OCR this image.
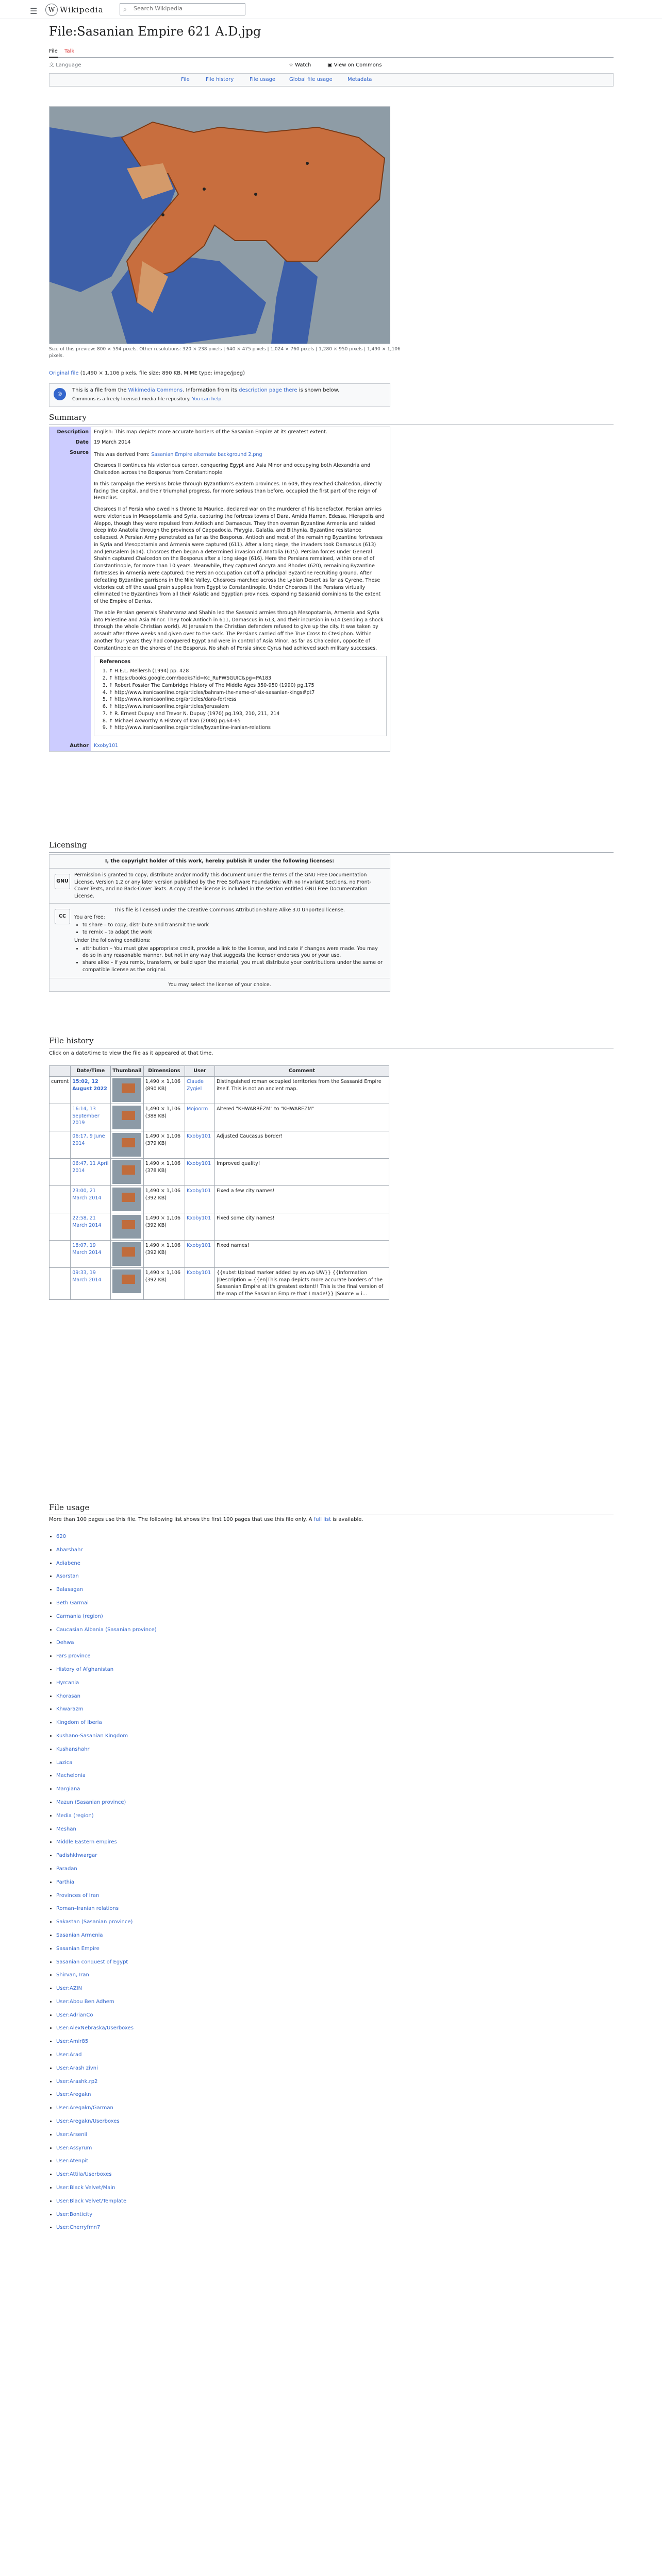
☰	W Wikipedia	⌕
Search Wikipedia
File:Sasanian Empire 621 A.D.jpg
File Talk
文 Language	☆ Watch	▣ View on Commons
File	File history	File usage	Global file usage	Metadata
Size of this preview: 800 × 594 pixels. Other resolutions: 320 × 238 pixels | 640 × 475 pixels | 1,024 × 760 pixels | 1,280 × 950 pixels | 1,490 × 1,106 pixels.
Original file (1,490 × 1,106 pixels, file size: 890 KB, MIME type: image/jpeg)
◎
This is a file from the Wikimedia Commons. Information from its description page there is shown below.
Commons is a freely licensed media file repository. You can help.
Summary
Description	English: This map depicts more accurate borders of the Sasanian Empire at its greatest extent.
Date	19 March 2014
Source	This was derived from: Sasanian Empire alternate background 2.png

Chosroes II continues his victorious career, conquering Egypt and Asia Minor and occupying both Alexandria and Chalcedon across the Bosporus from Constantinople.

In this campaign the Persians broke through Byzantium's eastern provinces. In 609, they reached Chalcedon, directly facing the capital, and their triumphal progress, for more serious than before, occupied the first part of the reign of Heraclius.

Chosroes II of Persia who owed his throne to Maurice, declared war on the murderer of his benefactor. Persian armies were victorious in Mesopotamia and Syria, capturing the fortress towns of Dara, Amida Harran, Edessa, Hierapolis and Aleppo, though they were repulsed from Antioch and Damascus. They then overran Byzantine Armenia and raided deep into Anatolia through the provinces of Cappadocia, Phrygia, Galatia, and Bithynia. Byzantine resistance collapsed. A Persian Army penetrated as far as the Bosporus. Antioch and most of the remaining Byzantine fortresses in Syria and Mesopotamia and Armenia were captured (611). After a long siege, the invaders took Damascus (613) and Jerusalem (614). Chosroes then began a determined invasion of Anatolia (615). Persian forces under General Shahin captured Chalcedon on the Bosporus after a long siege (616). Here the Persians remained, within one of of Constantinople, for more than 10 years. Meanwhile, they captured Ancyra and Rhodes (620), remaining Byzantine fortresses in Armenia were captured; the Persian occupation cut off a principal Byzantine recruiting ground. After defeating Byzantine garrisons in the Nile Valley, Chosroes marched across the Lybian Desert as far as Cyrene. These victories cut off the usual grain supplies from Egypt to Constantinople. Under Chosroes II the Persians virtually eliminated the Byzantines from all their Asiatic and Egyptian provinces, expanding Sassanid dominions to the extent of the Empire of Darius.

The able Persian generals Shahrvaraz and Shahin led the Sassanid armies through Mesopotamia, Armenia and Syria into Palestine and Asia Minor. They took Antioch in 611, Damascus in 613, and their incursion in 614 (sending a shock through the whole Christian world). At Jerusalem the Christian defenders refused to give up the city. It was taken by assault after three weeks and given over to the sack. The Persians carried off the True Cross to Ctesiphon. Within another four years they had conquered Egypt and were in control of Asia Minor; as far as Chalcedon, opposite of Constantinople on the shores of the Bosporus. No shah of Persia since Cyrus had achieved such military successes.

References
1. ↑ H.E.L. Mellersh (1994) pp. 428
2. ↑ https://books.google.com/books?id=Kc_RuPWSGUIC&pg=PA183
3. ↑ Robert Fossier The Cambridge History of The Middle Ages 350-950 (1990) pg.175
4. ↑ http://www.iranicaonline.org/articles/bahram-the-name-of-six-sasanian-kings#pt7
5. ↑ http://www.iranicaonline.org/articles/dara-fortress
6. ↑ http://www.iranicaonline.org/articles/jerusalem
7. ↑ R. Ernest Dupuy and Trevor N. Dupuy (1970) pg.193, 210, 211, 214
8. ↑ Michael Axworthy A History of Iran (2008) pg.64-65
9. ↑ http://www.iranicaonline.org/articles/byzantine-iranian-relations
Author	Kxoby101
Licensing
I, the copyright holder of this work, hereby publish it under the following licenses:
GNU
Permission is granted to copy, distribute and/or modify this document under the terms of the GNU Free Documentation License, Version 1.2 or any later version published by the Free Software Foundation; with no Invariant Sections, no Front-Cover Texts, and no Back-Cover Texts. A copy of the license is included in the section entitled GNU Free Documentation License.
CC
This file is licensed under the Creative Commons Attribution-Share Alike 3.0 Unported license.
You are free:
• to share – to copy, distribute and transmit the work
• to remix – to adapt the work
Under the following conditions:
• attribution – You must give appropriate credit, provide a link to the license, and indicate if changes were made. You may do so in any reasonable manner, but not in any way that suggests the licensor endorses you or your use.
• share alike – If you remix, transform, or build upon the material, you must distribute your contributions under the same or compatible license as the original.
You may select the license of your choice.
File history
Click on a date/time to view the file as it appeared at that time.
	Date/Time	Thumbnail	Dimensions	User	Comment
current	15:02, 12 August 2022		1,490 × 1,106 (890 KB)	Claude Zygiel	Distinguished roman occupied territories from the Sassanid Empire itself. This is not an ancient map.
	16:14, 13 September 2019		1,490 × 1,106 (388 KB)	Mojoorm	Altered "KHWARRĒZM" to "KHWAREZM"
	06:17, 9 June 2014		1,490 × 1,106 (379 KB)	Kxoby101	Adjusted Caucasus border!
	06:47, 11 April 2014		1,490 × 1,106 (378 KB)	Kxoby101	Improved quality!
	23:00, 21 March 2014		1,490 × 1,106 (392 KB)	Kxoby101	Fixed a few city names!
	22:58, 21 March 2014		1,490 × 1,106 (392 KB)	Kxoby101	Fixed some city names!
	18:07, 19 March 2014		1,490 × 1,106 (392 KB)	Kxoby101	Fixed names!
	09:33, 19 March 2014		1,490 × 1,106 (392 KB)	Kxoby101	{{subst:Upload marker added by en.wp UW}} {{Information |Description = {{en|This map depicts more accurate borders of the Sassanian Empire at it's greatest extent!! This is the final version of the map of the Sasanian Empire that I made!}} |Source = i...
File usage
More than 100 pages use this file. The following list shows the first 100 pages that use this file only. A full list is available.
• 620
• Abarshahr
• Adiabene
• Asorstan
• Balasagan
• Beth Garmai
• Carmania (region)
• Caucasian Albania (Sasanian province)
• Dehwa
• Fars province
• History of Afghanistan
• Hyrcania
• Khorasan
• Khwarazm
• Kingdom of Iberia
• Kushano-Sasanian Kingdom
• Kushanshahr
• Lazica
• Machelonia
• Margiana
• Mazun (Sasanian province)
• Media (region)
• Meshan
• Middle Eastern empires
• Padishkhwargar
• Paradan
• Parthia
• Provinces of Iran
• Roman–Iranian relations
• Sakastan (Sasanian province)
• Sasanian Armenia
• Sasanian Empire
• Sasanian conquest of Egypt
• Shirvan, Iran
• User:AZIN
• User:Abou Ben Adhem
• User:AdrianCo
• User:AlexNebraska/Userboxes
• User:Amir85
• User:Arad
• User:Arash zivni
• User:Arashk.rp2
• User:Aregakn
• User:Aregakn/Garman
• User:Aregakn/Userboxes
• User:Arsenil
• User:Assyrum
• User:Atenpit
• User:Attila/Userboxes
• User:Black Velvet/Main
• User:Black Velvet/Template
• User:Bonticity
• User:Cherryfmn7
